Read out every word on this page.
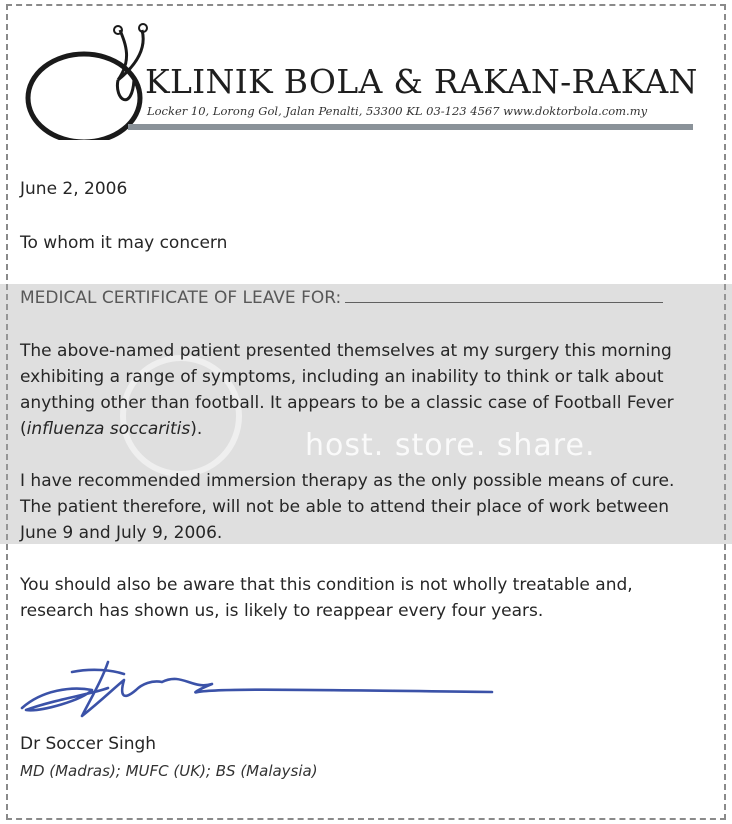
KLINIK BOLA & RAKAN-RAKAN
Locker 10, Lorong Gol, Jalan Penalti, 53300 KL 03-123 4567 www.doktorbola.com.my
June 2, 2006
To whom it may concern
MEDICAL CERTIFICATE OF LEAVE FOR:
host. store. share.
The above-named patient presented themselves at my surgery this morning exhibiting a range of symptoms, including an inability to think or talk about anything other than football. It appears to be a classic case of Football Fever (influenza soccaritis).
I have recommended immersion therapy as the only possible means of cure. The patient therefore, will not be able to attend their place of work between June 9 and July 9, 2006.
You should also be aware that this condition is not wholly treatable and, research has shown us, is likely to reappear every four years.
Dr Soccer Singh
MD (Madras); MUFC (UK); BS (Malaysia)
